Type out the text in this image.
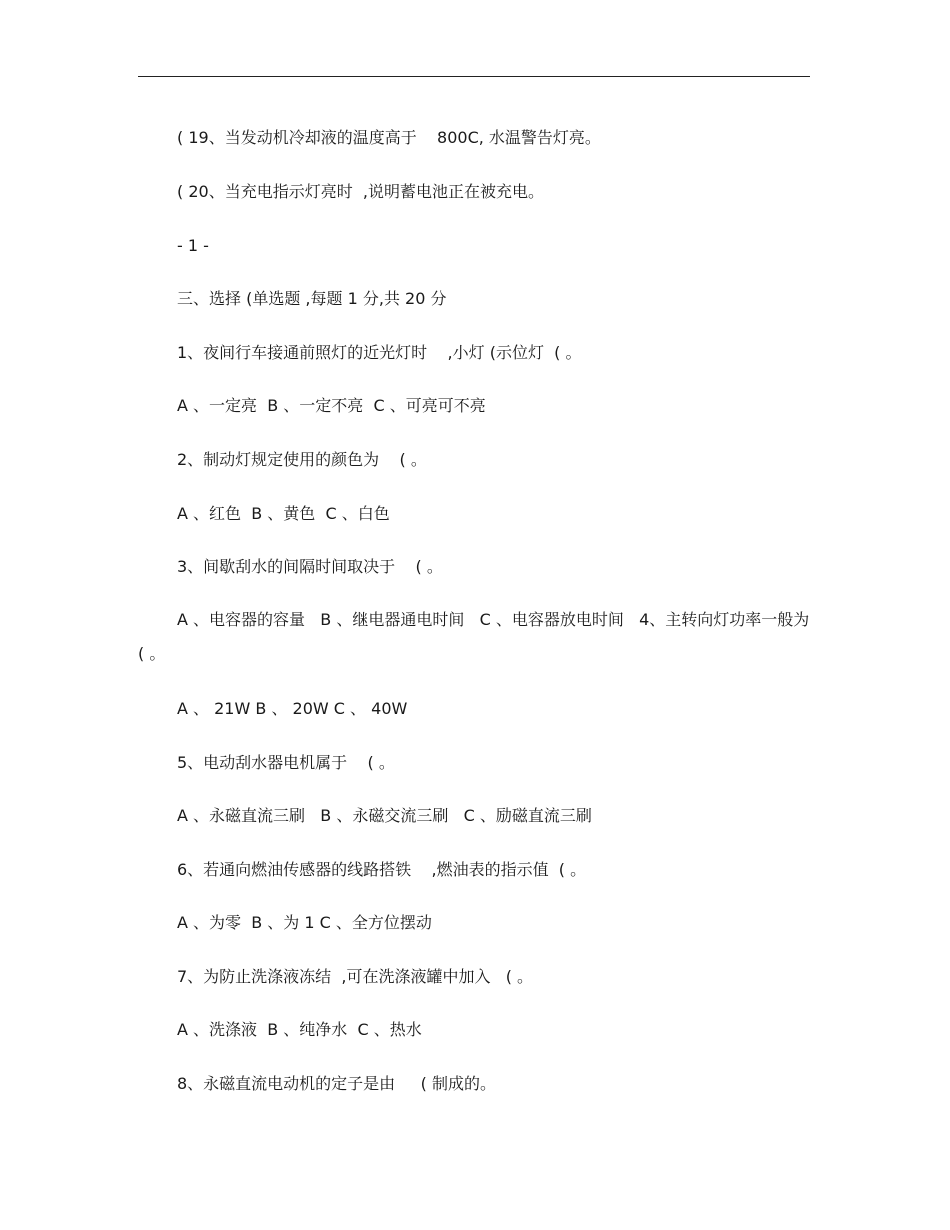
( 19、当发动机冷却液的温度高于    800C, 水温警告灯亮。
( 20、当充电指示灯亮时  ,说明蓄电池正在被充电。
- 1 -
三、选择 (单选题 ,每题 1 分,共 20 分
1、夜间行车接通前照灯的近光灯时    ,小灯 (示位灯  ( 。
A 、一定亮  B 、一定不亮  C 、可亮可不亮
2、制动灯规定使用的颜色为    ( 。
A 、红色  B 、黄色  C 、白色
3、间歇刮水的间隔时间取决于    ( 。
A 、电容器的容量   B 、继电器通电时间   C 、电容器放电时间   4、主转向灯功率一般为  ( 。
A 、 21W B 、 20W C 、 40W
5、电动刮水器电机属于    ( 。
A 、永磁直流三刷   B 、永磁交流三刷   C 、励磁直流三刷
6、若通向燃油传感器的线路搭铁    ,燃油表的指示值  ( 。
A 、为零  B 、为 1 C 、全方位摆动
7、为防止洗涤液冻结  ,可在洗涤液罐中加入   ( 。
A 、洗涤液  B 、纯净水  C 、热水
8、永磁直流电动机的定子是由     ( 制成的。
